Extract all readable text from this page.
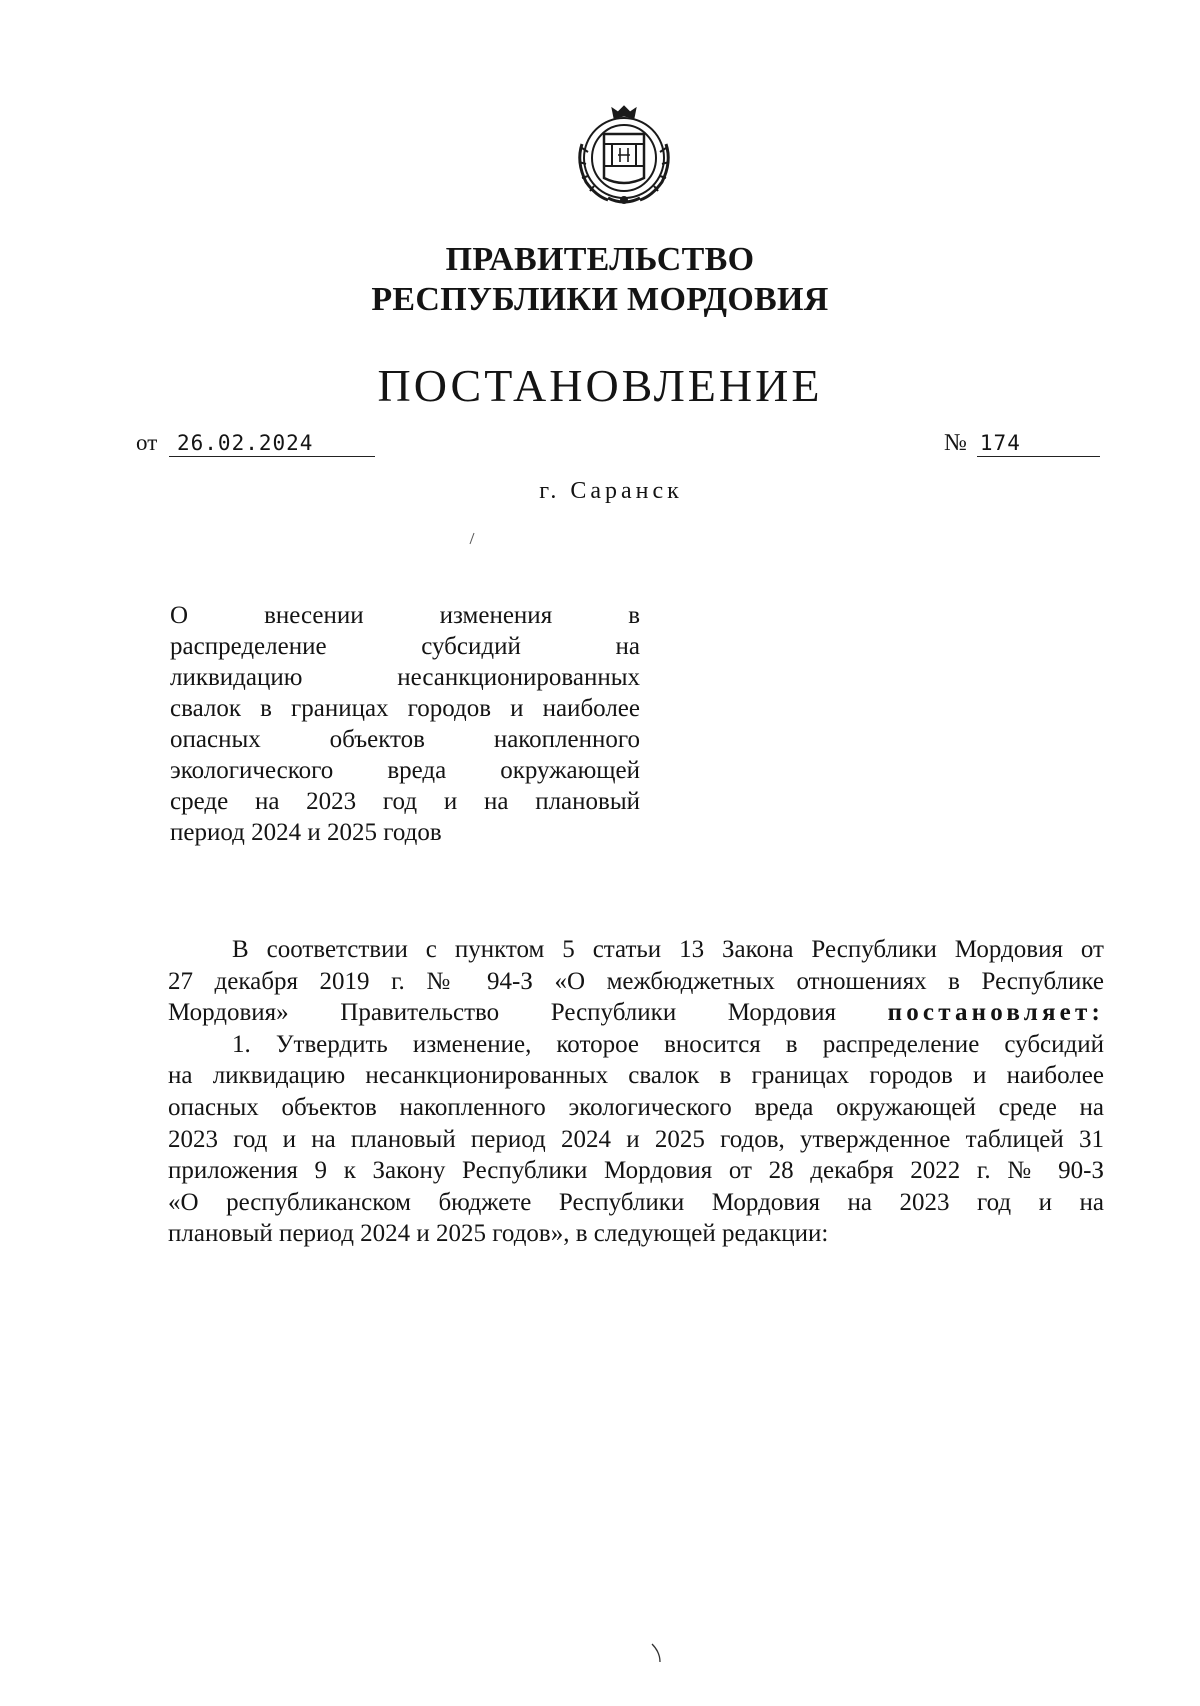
ПРАВИТЕЛЬСТВО
РЕСПУБЛИКИ МОРДОВИЯ
ПОСТАНОВЛЕНИЕ
от 26.02.2024	№ 174
г. Саранск
О	внесении	изменения	в
распределение	субсидий	на
ликвидацию	несанкционированных
свалок в границах городов и наиболее
опасных	объектов	накопленного
экологического вреда окружающей
среде на 2023 год и на плановый
период 2024 и 2025 годов
В соответствии с пунктом 5 статьи 13 Закона Республики Мордовия от
27 декабря 2019 г. № 94-З «О межбюджетных отношениях в Республике
Мордовия» Правительство Республики Мордовия постановляет:
1. Утвердить изменение, которое вносится в распределение субсидий
на ликвидацию несанкционированных свалок в границах городов и наиболее
опасных объектов накопленного экологического вреда окружающей среде на
2023 год и на плановый период 2024 и 2025 годов, утвержденное таблицей 31
приложения 9 к Закону Республики Мордовия от 28 декабря 2022 г. № 90-З
«О республиканском бюджете Республики Мордовия на 2023 год и на
плановый период 2024 и 2025 годов», в следующей редакции:
